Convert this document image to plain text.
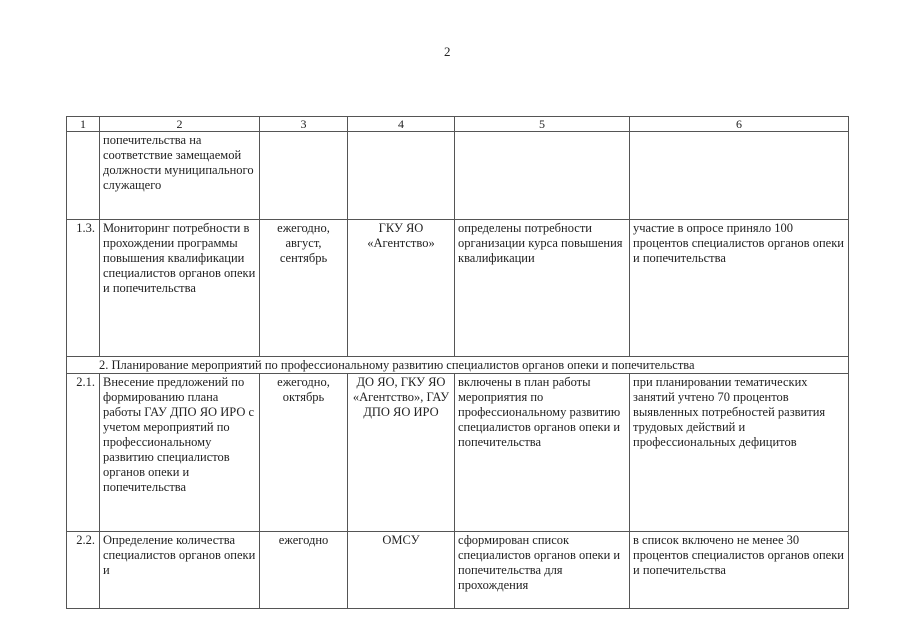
2
1	2	3	4	5	6
	попечительства на соответствие замещаемой должности муниципального служащего				
1.3.	Мониторинг потребности в прохождении программы повышения квалификации специалистов органов опеки и попечительства	ежегодно, август, сентябрь	ГКУ ЯО «Агентство»	определены потребности организации курса повышения квалификации	участие в опросе приняло 100 процентов специалистов органов опеки и попечительства
2. Планирование мероприятий по профессиональному развитию специалистов органов опеки и попечительства					
2.1.	Внесение предложений по формированию плана работы ГАУ ДПО ЯО ИРО с учетом мероприятий по профессиональному развитию специалистов органов опеки и попечительства	ежегодно, октябрь	ДО ЯО, ГКУ ЯО «Агентство», ГАУ ДПО ЯО ИРО	включены в план работы мероприятия по профессиональному развитию специалистов органов опеки и попечительства	при планировании тематических занятий учтено 70 процентов выявленных потребностей развития трудовых действий и профессиональных дефицитов
2.2.	Определение количества специалистов органов опеки и	ежегодно	ОМСУ	сформирован список специалистов органов опеки и попечительства для прохождения	в список включено не менее 30 процентов специалистов органов опеки и попечительства
